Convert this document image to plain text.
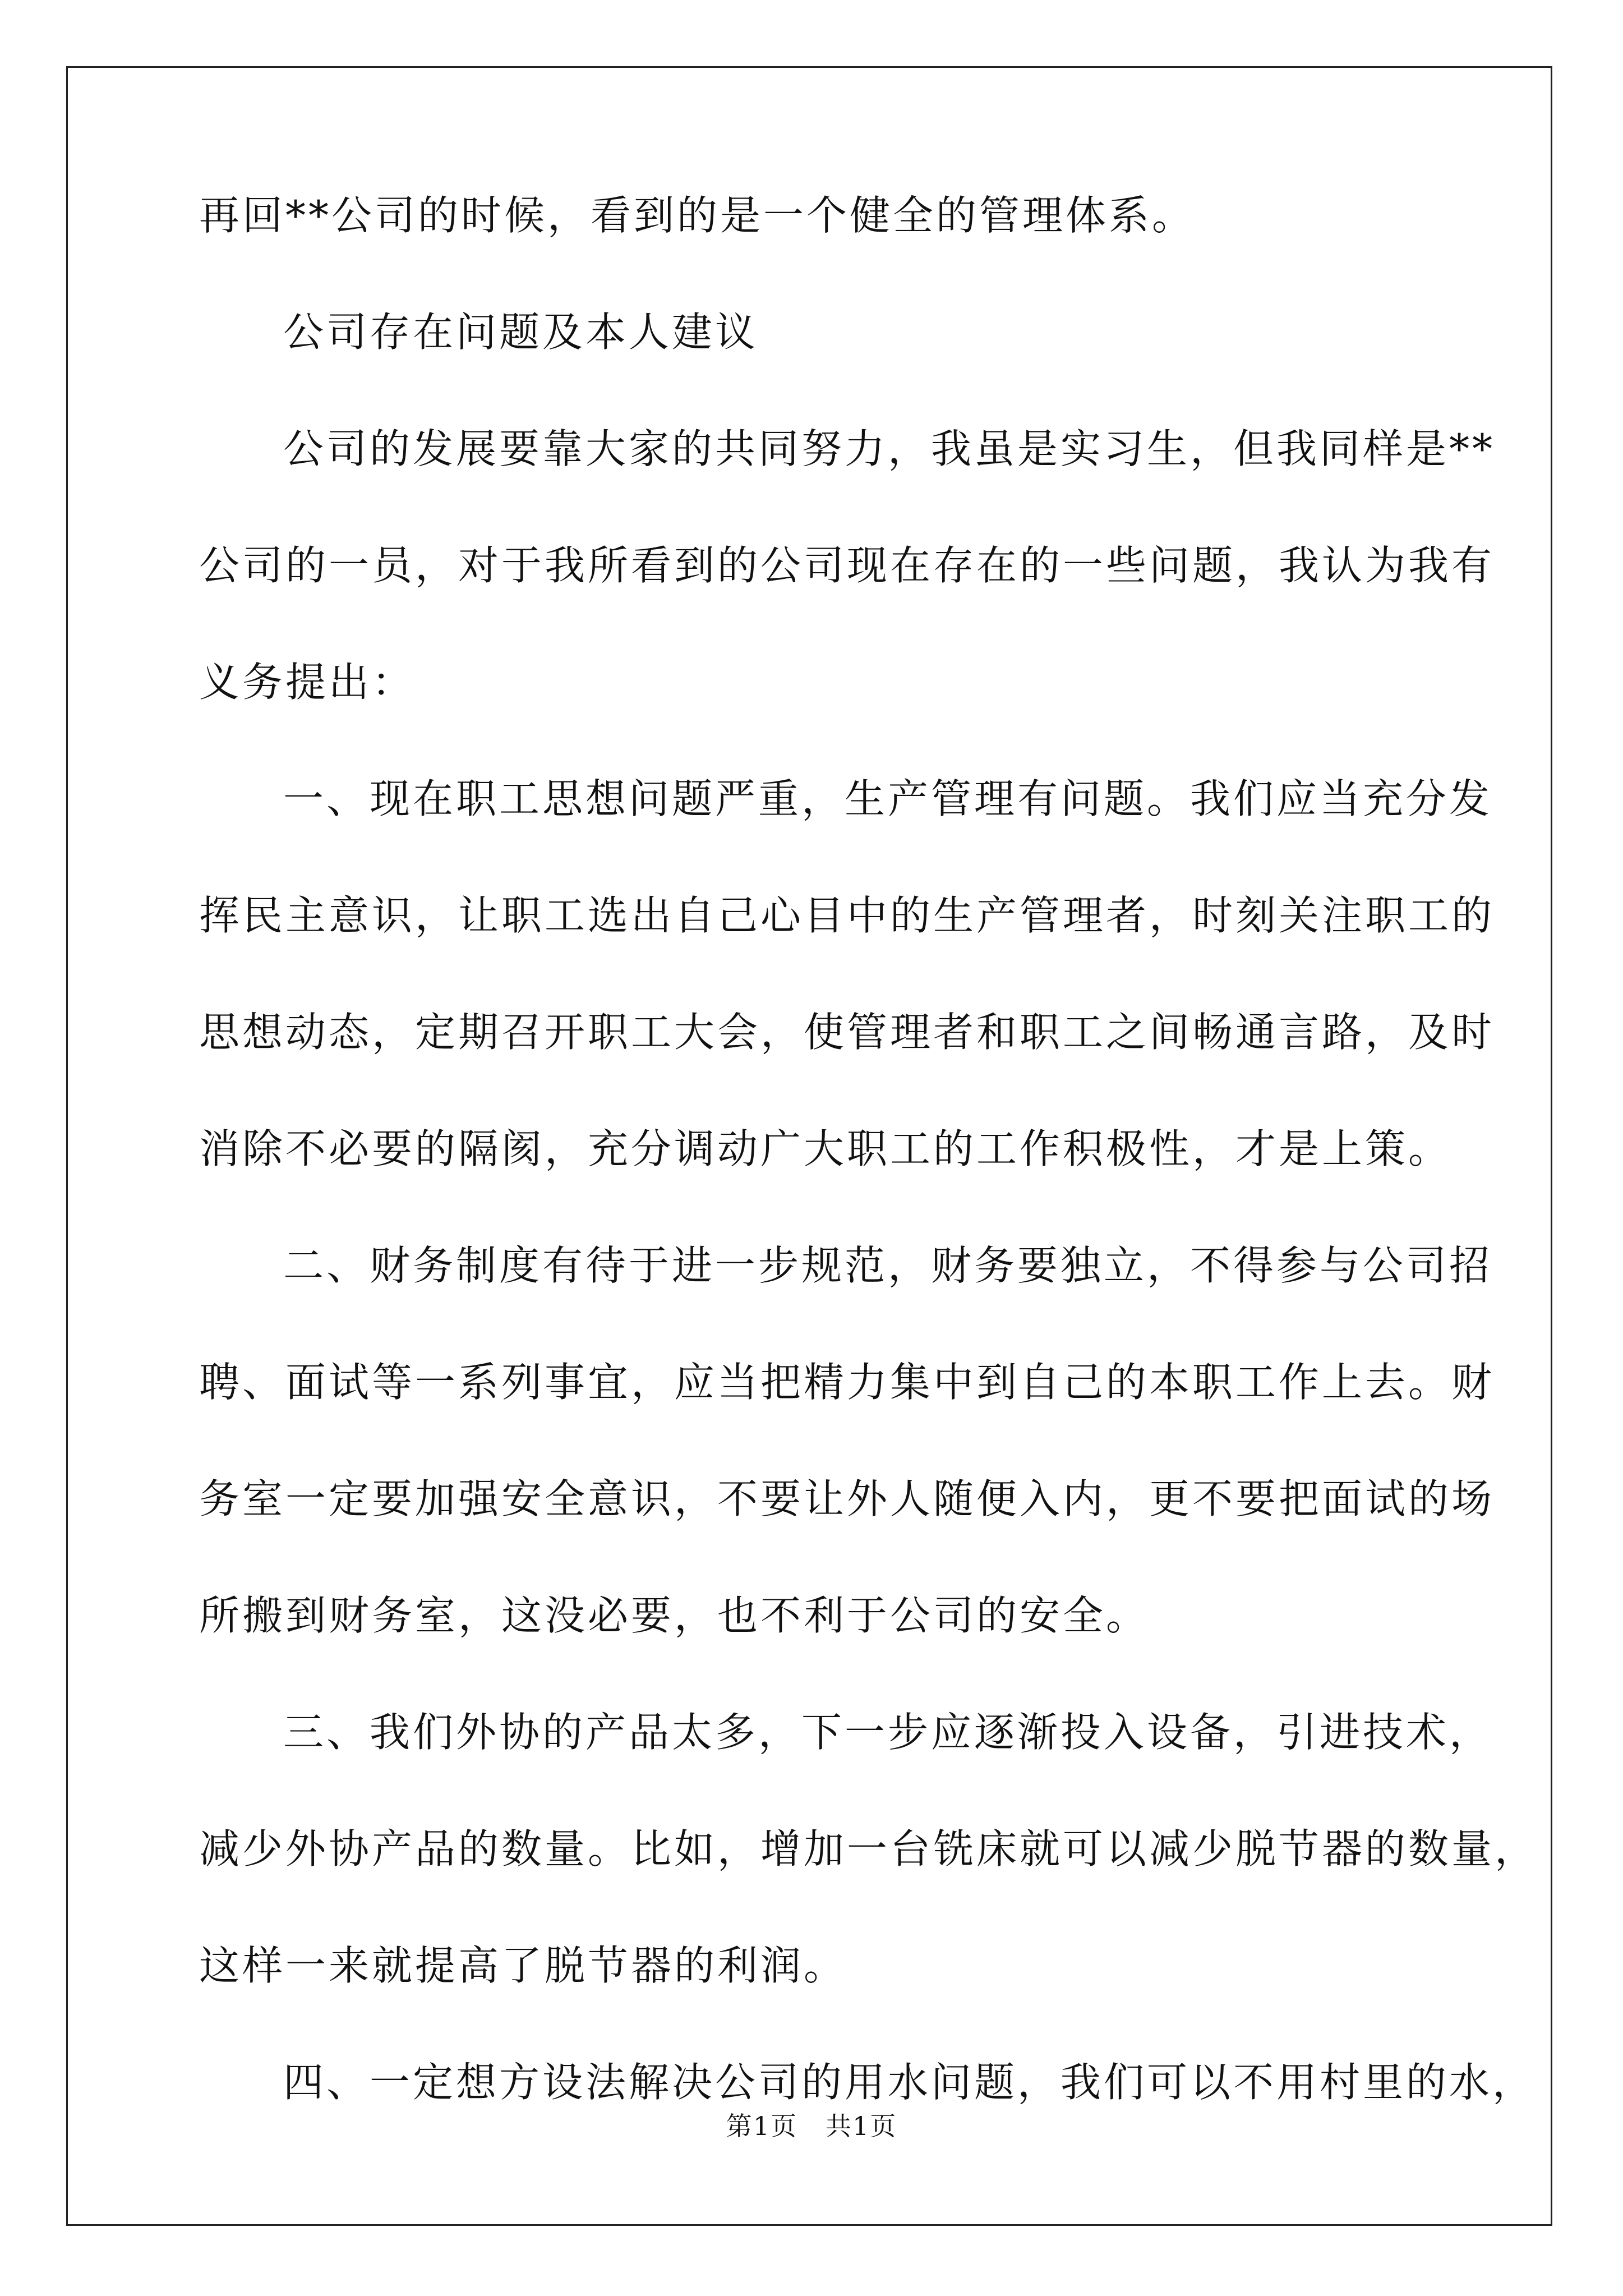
再回**公司的时候，看到的是一个健全的管理体系。

公司存在问题及本人建议

公司的发展要靠大家的共同努力，我虽是实习生，但我同样是**

公司的一员，对于我所看到的公司现在存在的一些问题，我认为我有

义务提出：

一、现在职工思想问题严重，生产管理有问题。我们应当充分发

挥民主意识，让职工选出自己心目中的生产管理者，时刻关注职工的

思想动态，定期召开职工大会，使管理者和职工之间畅通言路，及时

消除不必要的隔阂，充分调动广大职工的工作积极性，才是上策。

二、财务制度有待于进一步规范，财务要独立，不得参与公司招

聘、面试等一系列事宜，应当把精力集中到自己的本职工作上去。财

务室一定要加强安全意识，不要让外人随便入内，更不要把面试的场

所搬到财务室，这没必要，也不利于公司的安全。

三、我们外协的产品太多，下一步应逐渐投入设备，引进技术，

减少外协产品的数量。比如，增加一台铣床就可以减少脱节器的数量，

这样一来就提高了脱节器的利润。

四、一定想方设法解决公司的用水问题，我们可以不用村里的水，

第1页 共1页
